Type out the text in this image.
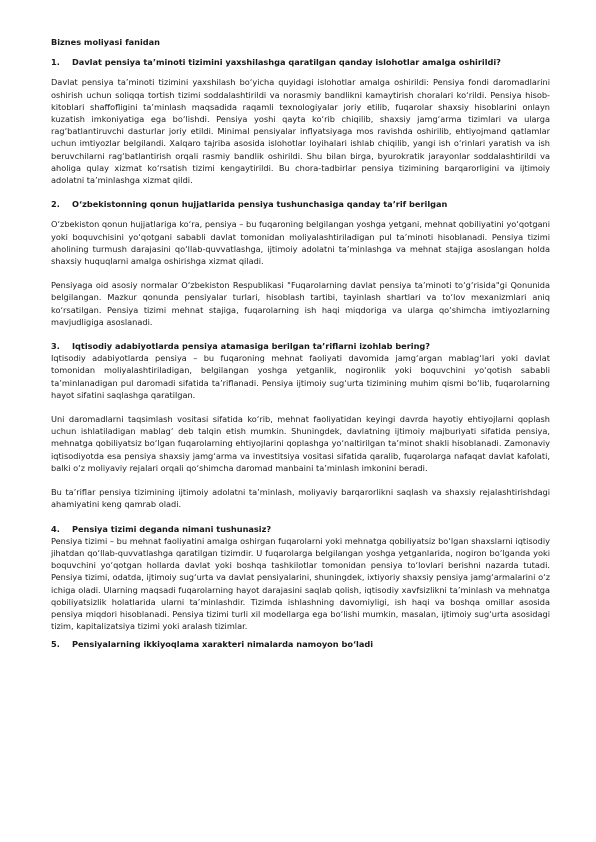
Biznes moliyasi fanidan
1.	Davlat pensiya ta’minoti tizimini yaxshilashga qaratilgan qanday islohotlar amalga oshirildi?

Davlat pensiya ta’minoti tizimini yaxshilash bo‘yicha quyidagi islohotlar amalga oshirildi: Pensiya fondi daromadlarini oshirish uchun soliqqa tortish tizimi soddalashtirildi va norasmiy bandlikni kamaytirish choralari ko‘rildi. Pensiya hisob-kitoblari shaffofligini ta’minlash maqsadida raqamli texnologiyalar joriy etilib, fuqarolar shaxsiy hisoblarini onlayn kuzatish imkoniyatiga ega bo‘lishdi. Pensiya yoshi qayta ko‘rib chiqilib, shaxsiy jamg‘arma tizimlari va ularga rag‘batlantiruvchi dasturlar joriy etildi. Minimal pensiyalar inflyatsiyaga mos ravishda oshirilib, ehtiyojmand qatlamlar uchun imtiyozlar belgilandi. Xalqaro tajriba asosida islohotlar loyihalari ishlab chiqilib, yangi ish o‘rinlari yaratish va ish beruvchilarni rag‘batlantirish orqali rasmiy bandlik oshirildi. Shu bilan birga, byurokratik jarayonlar soddalashtirildi va aholiga qulay xizmat ko‘rsatish tizimi kengaytirildi. Bu chora-tadbirlar pensiya tizimining barqarorligini va ijtimoiy adolatni ta’minlashga xizmat qildi.

2.	O‘zbekistonning qonun hujjatlarida pensiya tushunchasiga qanday ta’rif berilgan

O‘zbekiston qonun hujjatlariga ko‘ra, pensiya – bu fuqaroning belgilangan yoshga yetgani, mehnat qobiliyatini yo‘qotgani yoki boquvchisini yo‘qotgani sababli davlat tomonidan moliyalashtiriladigan pul ta’minoti hisoblanadi. Pensiya tizimi aholining turmush darajasini qo‘llab-quvvatlashga, ijtimoiy adolatni ta’minlashga va mehnat stajiga asoslangan holda shaxsiy huquqlarni amalga oshirishga xizmat qiladi.

Pensiyaga oid asosiy normalar O‘zbekiston Respublikasi "Fuqarolarning davlat pensiya ta’minoti to‘g‘risida"gi Qonunida belgilangan. Mazkur qonunda pensiyalar turlari, hisoblash tartibi, tayinlash shartlari va to‘lov mexanizmlari aniq ko‘rsatilgan. Pensiya tizimi mehnat stajiga, fuqarolarning ish haqi miqdoriga va ularga qo‘shimcha imtiyozlarning mavjudligiga asoslanadi.

3.	Iqtisodiy adabiyotlarda pensiya atamasiga berilgan ta’riflarni izohlab bering?

Iqtisodiy adabiyotlarda pensiya – bu fuqaroning mehnat faoliyati davomida jamg‘argan mablag‘lari yoki davlat tomonidan moliyalashtiriladigan, belgilangan yoshga yetganlik, nogironlik yoki boquvchini yo‘qotish sababli ta’minlanadigan pul daromadi sifatida ta’riflanadi. Pensiya ijtimoiy sug‘urta tizimining muhim qismi bo‘lib, fuqarolarning hayot sifatini saqlashga qaratilgan.

Uni daromadlarni taqsimlash vositasi sifatida ko‘rib, mehnat faoliyatidan keyingi davrda hayotiy ehtiyojlarni qoplash uchun ishlatiladigan mablag‘ deb talqin etish mumkin. Shuningdek, davlatning ijtimoiy majburiyati sifatida pensiya, mehnatga qobiliyatsiz bo‘lgan fuqarolarning ehtiyojlarini qoplashga yo‘naltirilgan ta’minot shakli hisoblanadi. Zamonaviy iqtisodiyotda esa pensiya shaxsiy jamg‘arma va investitsiya vositasi sifatida qaralib, fuqarolarga nafaqat davlat kafolati, balki o‘z moliyaviy rejalari orqali qo‘shimcha daromad manbaini ta’minlash imkonini beradi.

Bu ta’riflar pensiya tizimining ijtimoiy adolatni ta’minlash, moliyaviy barqarorlikni saqlash va shaxsiy rejalashtirishdagi ahamiyatini keng qamrab oladi.

4.	Pensiya tizimi deganda nimani tushunasiz?

Pensiya tizimi – bu mehnat faoliyatini amalga oshirgan fuqarolarni yoki mehnatga qobiliyatsiz bo‘lgan shaxslarni iqtisodiy jihatdan qo‘llab-quvvatlashga qaratilgan tizimdir. U fuqarolarga belgilangan yoshga yetganlarida, nogiron bo‘lganda yoki boquvchini yo‘qotgan hollarda davlat yoki boshqa tashkilotlar tomonidan pensiya to‘lovlari berishni nazarda tutadi. Pensiya tizimi, odatda, ijtimoiy sug‘urta va davlat pensiyalarini, shuningdek, ixtiyoriy shaxsiy pensiya jamg‘armalarini o‘z ichiga oladi. Ularning maqsadi fuqarolarning hayot darajasini saqlab qolish, iqtisodiy xavfsizlikni ta’minlash va mehnatga qobiliyatsizlik holatlarida ularni ta’minlashdir. Tizimda ishlashning davomiyligi, ish haqi va boshqa omillar asosida pensiya miqdori hisoblanadi. Pensiya tizimi turli xil modellarga ega bo‘lishi mumkin, masalan, ijtimoiy sug‘urta asosidagi tizim, kapitalizatsiya tizimi yoki aralash tizimlar.

5.	Pensiyalarning ikkiyoqlama xarakteri nimalarda namoyon bo‘ladi
